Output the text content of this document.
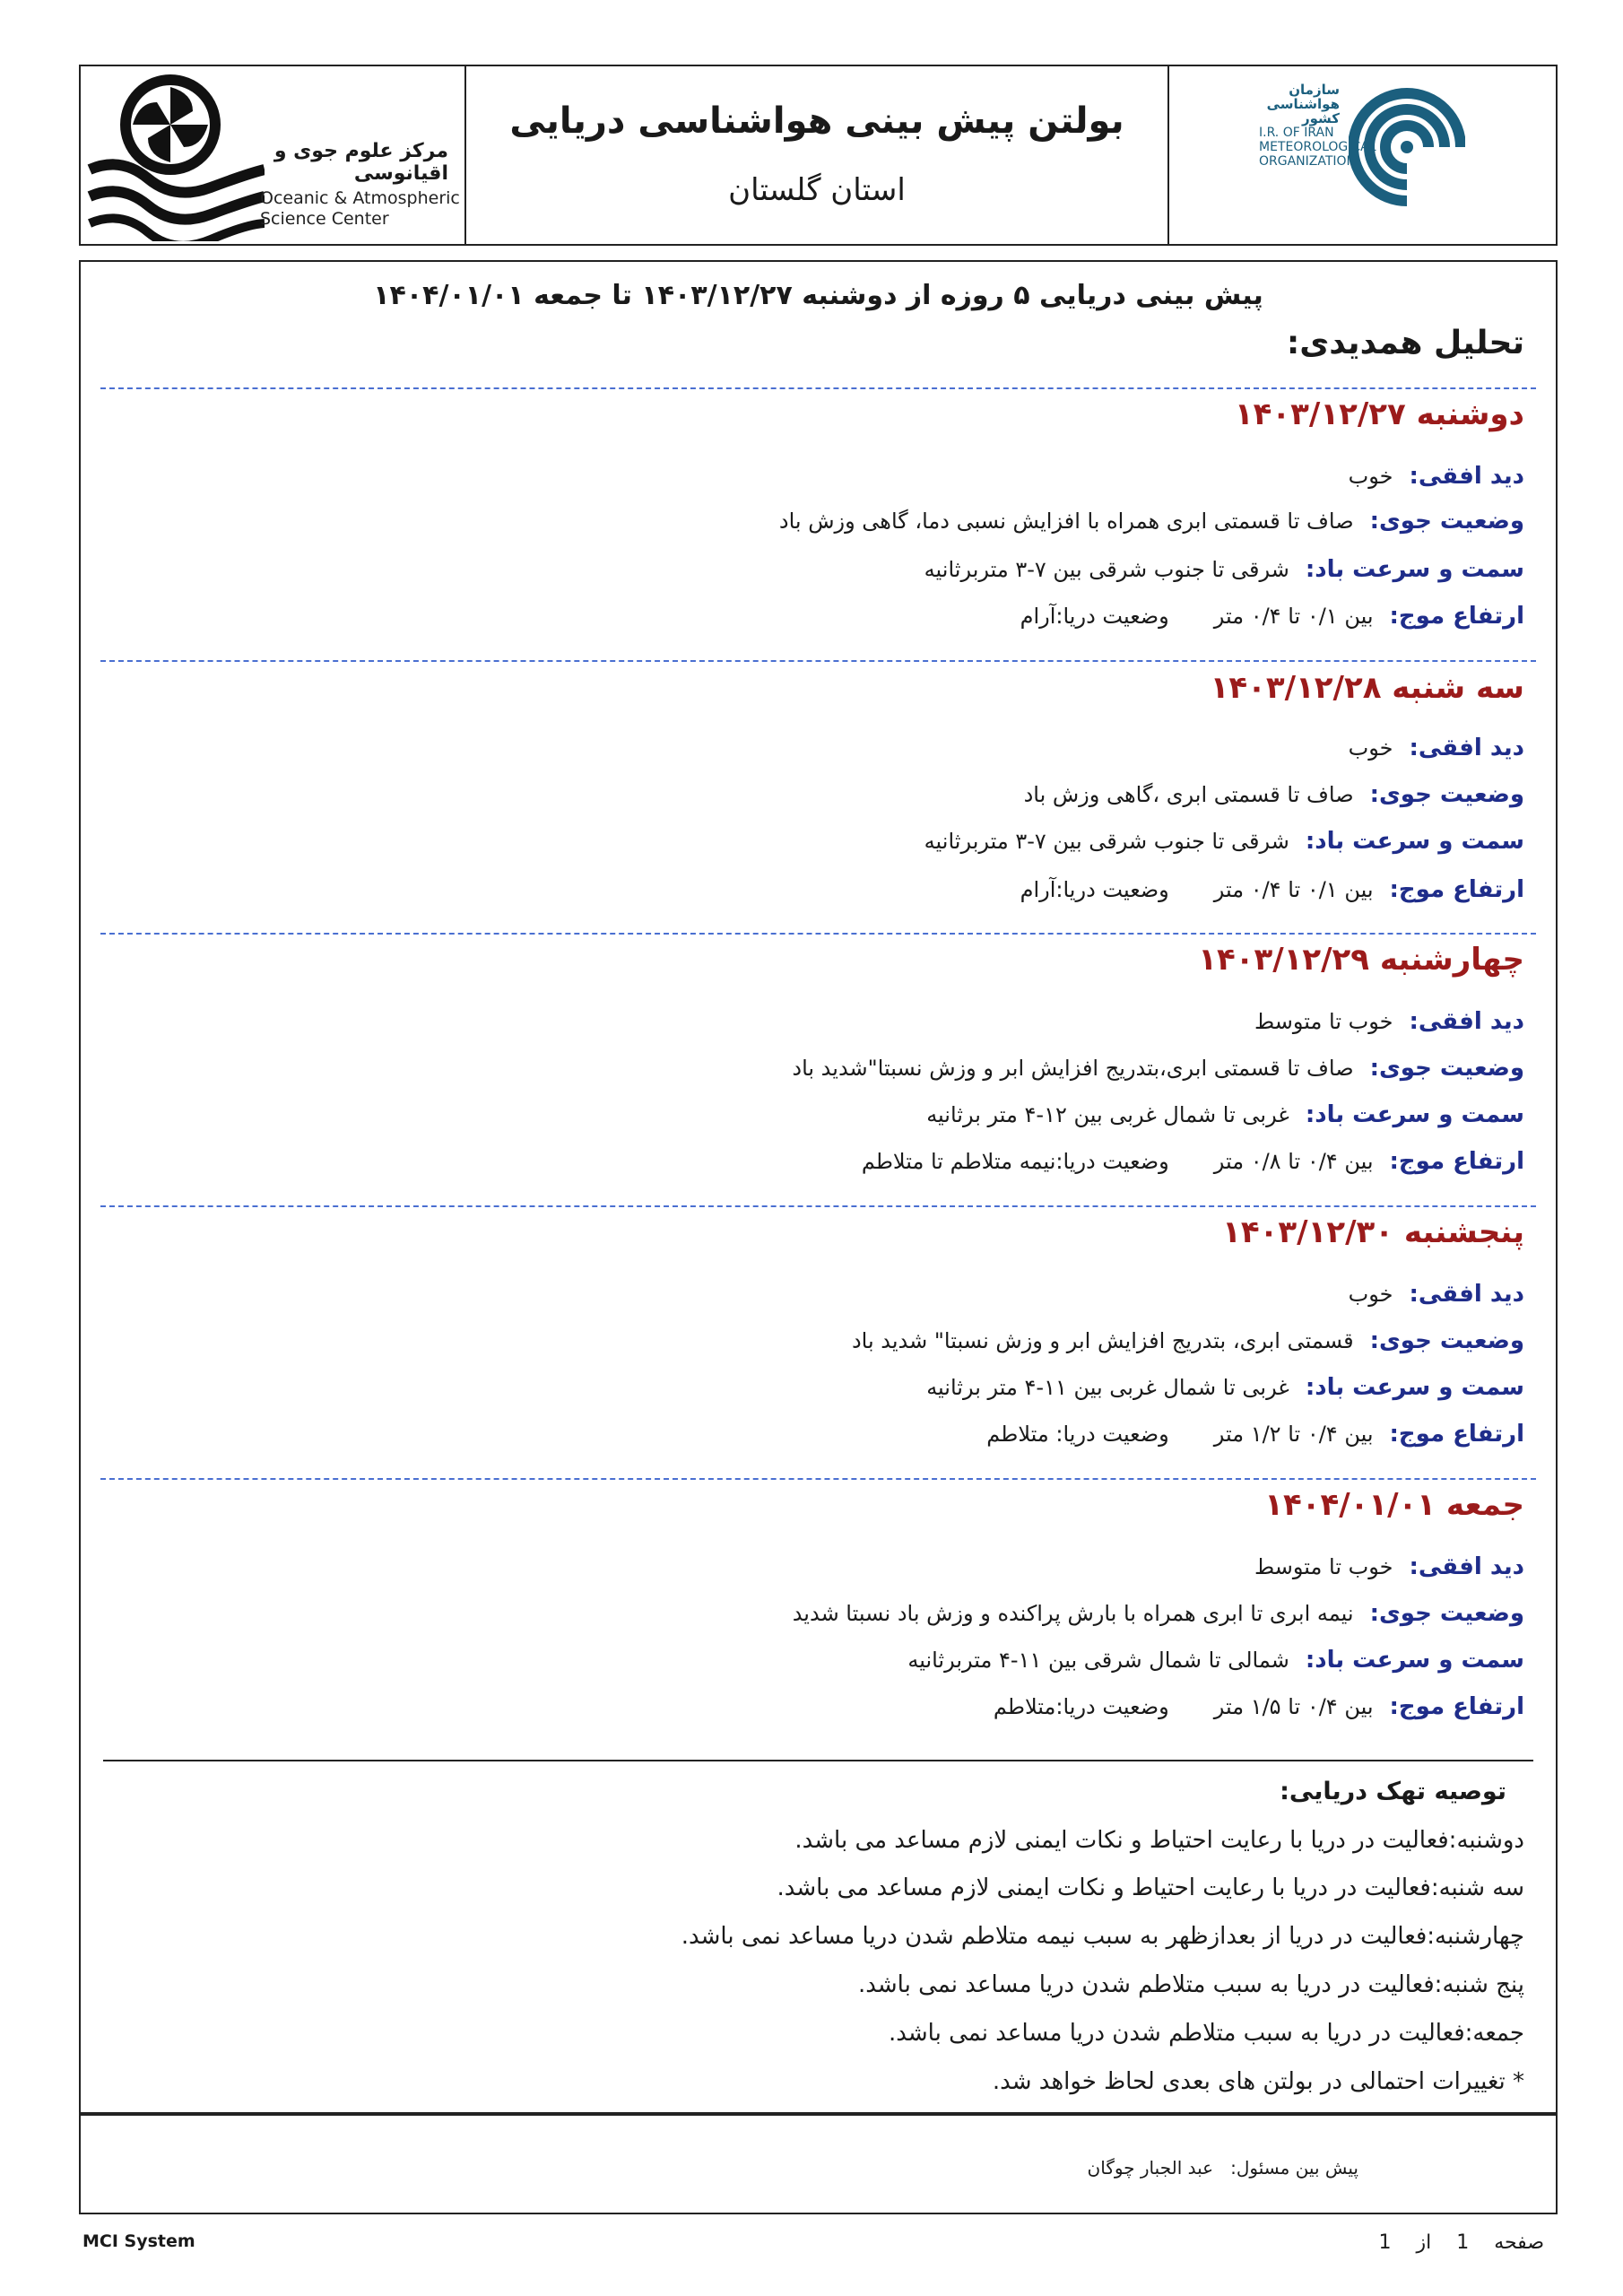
مرکز علوم جوی و اقیانوسی
Oceanic & Atmospheric
Science Center
بولتن پیش بینی هواشناسی دریایی
استان گلستان
سازمان هواشناسی کشور
I.R. OF IRAN
METEOROLOGICAL
ORGANIZATION
پیش بینی دریایی ۵ روزه از دوشنبه ۱۴۰۳/۱۲/۲۷ تا جمعه ۱۴۰۴/۰۱/۰۱
تحلیل همدیدی:
دوشنبه ۱۴۰۳/۱۲/۲۷
دید افقی:خوب
وضعیت جوی:صاف تا قسمتی ابری همراه با افزایش نسبی دما، گاهی وزش باد
سمت و سرعت باد:شرقی تا جنوب شرقی بین ۷-۳ متربرثانیه
ارتفاع موج:بین ۰/۱ تا ۰/۴ متروضعیت دریا:آرام
سه شنبه ۱۴۰۳/۱۲/۲۸
دید افقی:خوب
وضعیت جوی:صاف تا قسمتی ابری ،گاهی وزش باد
سمت و سرعت باد:شرقی تا جنوب شرقی بین ۷-۳ متربرثانیه
ارتفاع موج:بین ۰/۱ تا ۰/۴ متروضعیت دریا:آرام
چهارشنبه ۱۴۰۳/۱۲/۲۹
دید افقی:خوب تا متوسط
وضعیت جوی:صاف تا قسمتی ابری،بتدریج افزایش ابر و وزش نسبتا"شدید باد
سمت و سرعت باد:غربی تا شمال غربی بین ۱۲-۴ متر برثانیه
ارتفاع موج:بین ۰/۴ تا ۰/۸ متروضعیت دریا:نیمه متلاطم تا متلاطم
پنجشنبه ۱۴۰۳/۱۲/۳۰
دید افقی:خوب
وضعیت جوی:قسمتی ابری، بتدریج افزایش ابر و وزش نسبتا" شدید باد
سمت و سرعت باد:غربی تا شمال غربی بین ۱۱-۴ متر برثانیه
ارتفاع موج:بین ۰/۴ تا ۱/۲ متروضعیت دریا: متلاطم
جمعه ۱۴۰۴/۰۱/۰۱
دید افقی:خوب تا متوسط
وضعیت جوی:نیمه ابری تا ابری همراه با بارش پراکنده و وزش باد نسبتا شدید
سمت و سرعت باد:شمالی تا شمال شرقی بین ۱۱-۴ متربرثانیه
ارتفاع موج:بین ۰/۴ تا ۱/۵ متروضعیت دریا:متلاطم
توصیه تهک دریایی:
دوشنبه:فعالیت در دریا با رعایت احتیاط و نکات ایمنی لازم مساعد می باشد.
سه شنبه:فعالیت در دریا با رعایت احتیاط و نکات ایمنی لازم مساعد می باشد.
چهارشنبه:فعالیت در دریا از بعدازظهر به سبب نیمه متلاطم شدن دریا مساعد نمی باشد.
پنج شنبه:فعالیت در دریا به سبب متلاطم شدن دریا مساعد نمی باشد.
جمعه:فعالیت در دریا به سبب متلاطم شدن دریا مساعد نمی باشد.
* تغییرات احتمالی در بولتن های بعدی لحاظ خواهد شد.
پیش بین مسئول:   عبد الجبار چوگان
MCI System	صفحه    1    از    1
